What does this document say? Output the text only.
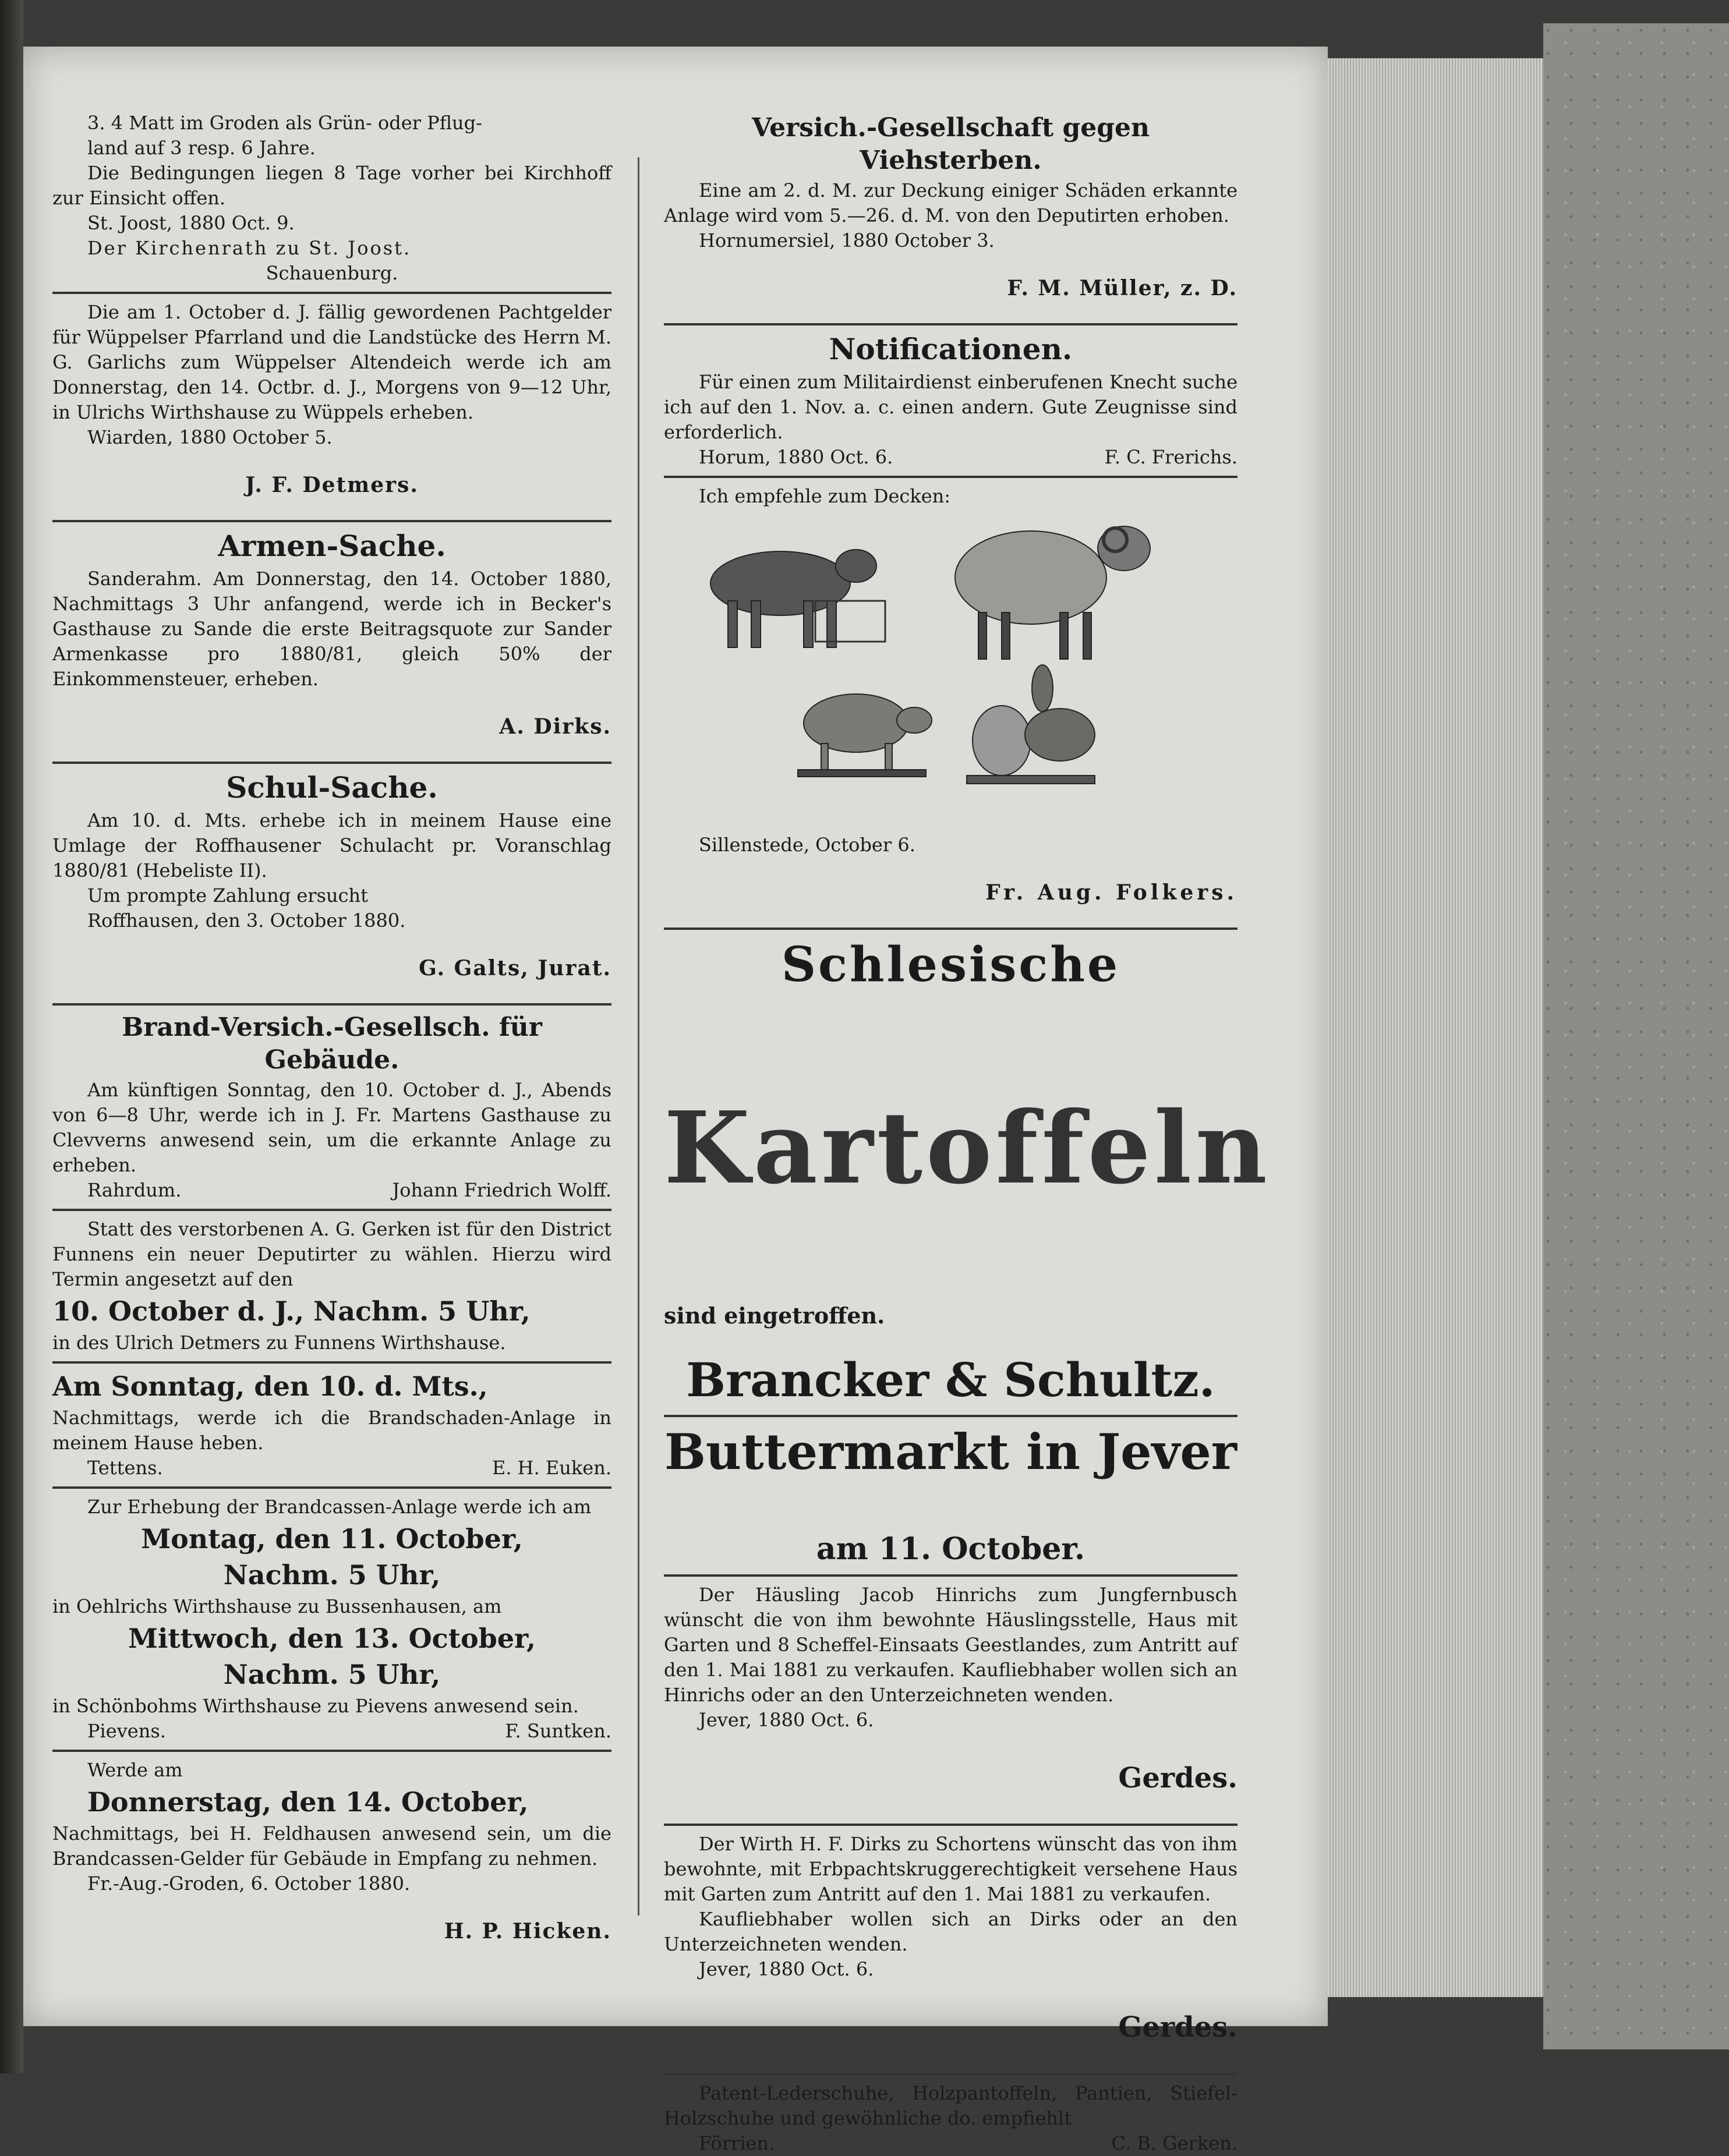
3. 4 Matt im Groden als Grün- oder Pflug-

land auf 3 resp. 6 Jahre.

Die Bedingungen liegen 8 Tage vorher bei Kirchhoff zur Einsicht offen.

St. Joost, 1880 Oct. 9.

Der Kirchenrath zu St. Joost.

Schauenburg.

Die am 1. October d. J. fällig gewordenen Pachtgelder für Wüppelser Pfarrland und die Landstücke des Herrn M. G. Garlichs zum Wüppelser Altendeich werde ich am Donnerstag, den 14. Octbr. d. J., Morgens von 9—12 Uhr, in Ulrichs Wirthshause zu Wüppels erheben.

Wiarden, 1880 October 5.

J. F. Detmers.

Armen-Sache.

Sanderahm. Am Donnerstag, den 14. October 1880, Nachmittags 3 Uhr anfangend, werde ich in Becker's Gasthause zu Sande die erste Beitragsquote zur Sander Armenkasse pro 1880/81, gleich 50% der Einkommensteuer, erheben.

A. Dirks.

Schul-Sache.

Am 10. d. Mts. erhebe ich in meinem Hause eine Umlage der Roffhausener Schulacht pr. Voranschlag 1880/81 (Hebeliste II).

Um prompte Zahlung ersucht

Roffhausen, den 3. October 1880.

G. Galts, Jurat.

Brand-Versich.-Gesellsch. für Gebäude.

Am künftigen Sonntag, den 10. October d. J., Abends von 6—8 Uhr, werde ich in J. Fr. Martens Gasthause zu Clevverns anwesend sein, um die erkannte Anlage zu erheben.

Rahrdum.	Johann Friedrich Wolff.

Statt des verstorbenen A. G. Gerken ist für den District Funnens ein neuer Deputirter zu wählen. Hierzu wird Termin angesetzt auf den

10. October d. J., Nachm. 5 Uhr,

in des Ulrich Detmers zu Funnens Wirthshause.

Am Sonntag, den 10. d. Mts.,

Nachmittags, werde ich die Brandschaden-Anlage in meinem Hause heben.

Tettens.	E. H. Euken.

Zur Erhebung der Brandcassen-Anlage werde ich am

Montag, den 11. October,

Nachm. 5 Uhr,

in Oehlrichs Wirthshause zu Bussenhausen, am

Mittwoch, den 13. October,

Nachm. 5 Uhr,

in Schönbohms Wirthshause zu Pievens anwesend sein.

Pievens.	F. Suntken.

Werde am

Donnerstag, den 14. October,

Nachmittags, bei H. Feldhausen anwesend sein, um die Brandcassen-Gelder für Gebäude in Empfang zu nehmen.

Fr.-Aug.-Groden, 6. October 1880.

H. P. Hicken.

Versich.-Gesellschaft gegen Viehsterben.

Eine am 2. d. M. zur Deckung einiger Schäden erkannte Anlage wird vom 5.—26. d. M. von den Deputirten erhoben.

Hornumersiel, 1880 October 3.

F. M. Müller, z. D.

Notificationen.

Für einen zum Militairdienst einberufenen Knecht suche ich auf den 1. Nov. a. c. einen andern. Gute Zeugnisse sind erforderlich.

Horum, 1880 Oct. 6.	F. C. Frerichs.

Ich empfehle zum Decken:

Sillenstede, October 6.

Fr. Aug. Folkers.

Schlesische

Kartoffeln

sind eingetroffen.

Brancker & Schultz.

Buttermarkt in Jever

am 11. October.

Der Häusling Jacob Hinrichs zum Jungfernbusch wünscht die von ihm bewohnte Häuslingsstelle, Haus mit Garten und 8 Scheffel-Einsaats Geestlandes, zum Antritt auf den 1. Mai 1881 zu verkaufen. Kaufliebhaber wollen sich an Hinrichs oder an den Unterzeichneten wenden.

Jever, 1880 Oct. 6.

Gerdes.

Der Wirth H. F. Dirks zu Schortens wünscht das von ihm bewohnte, mit Erbpachtskruggerechtigkeit versehene Haus mit Garten zum Antritt auf den 1. Mai 1881 zu verkaufen.

Kaufliebhaber wollen sich an Dirks oder an den Unterzeichneten wenden.

Jever, 1880 Oct. 6.

Gerdes.

Patent-Lederschuhe, Holzpantoffeln, Pantien, Stiefel-Holzschuhe und gewöhnliche do. empfiehlt

Förrien.	C. B. Gerken.
